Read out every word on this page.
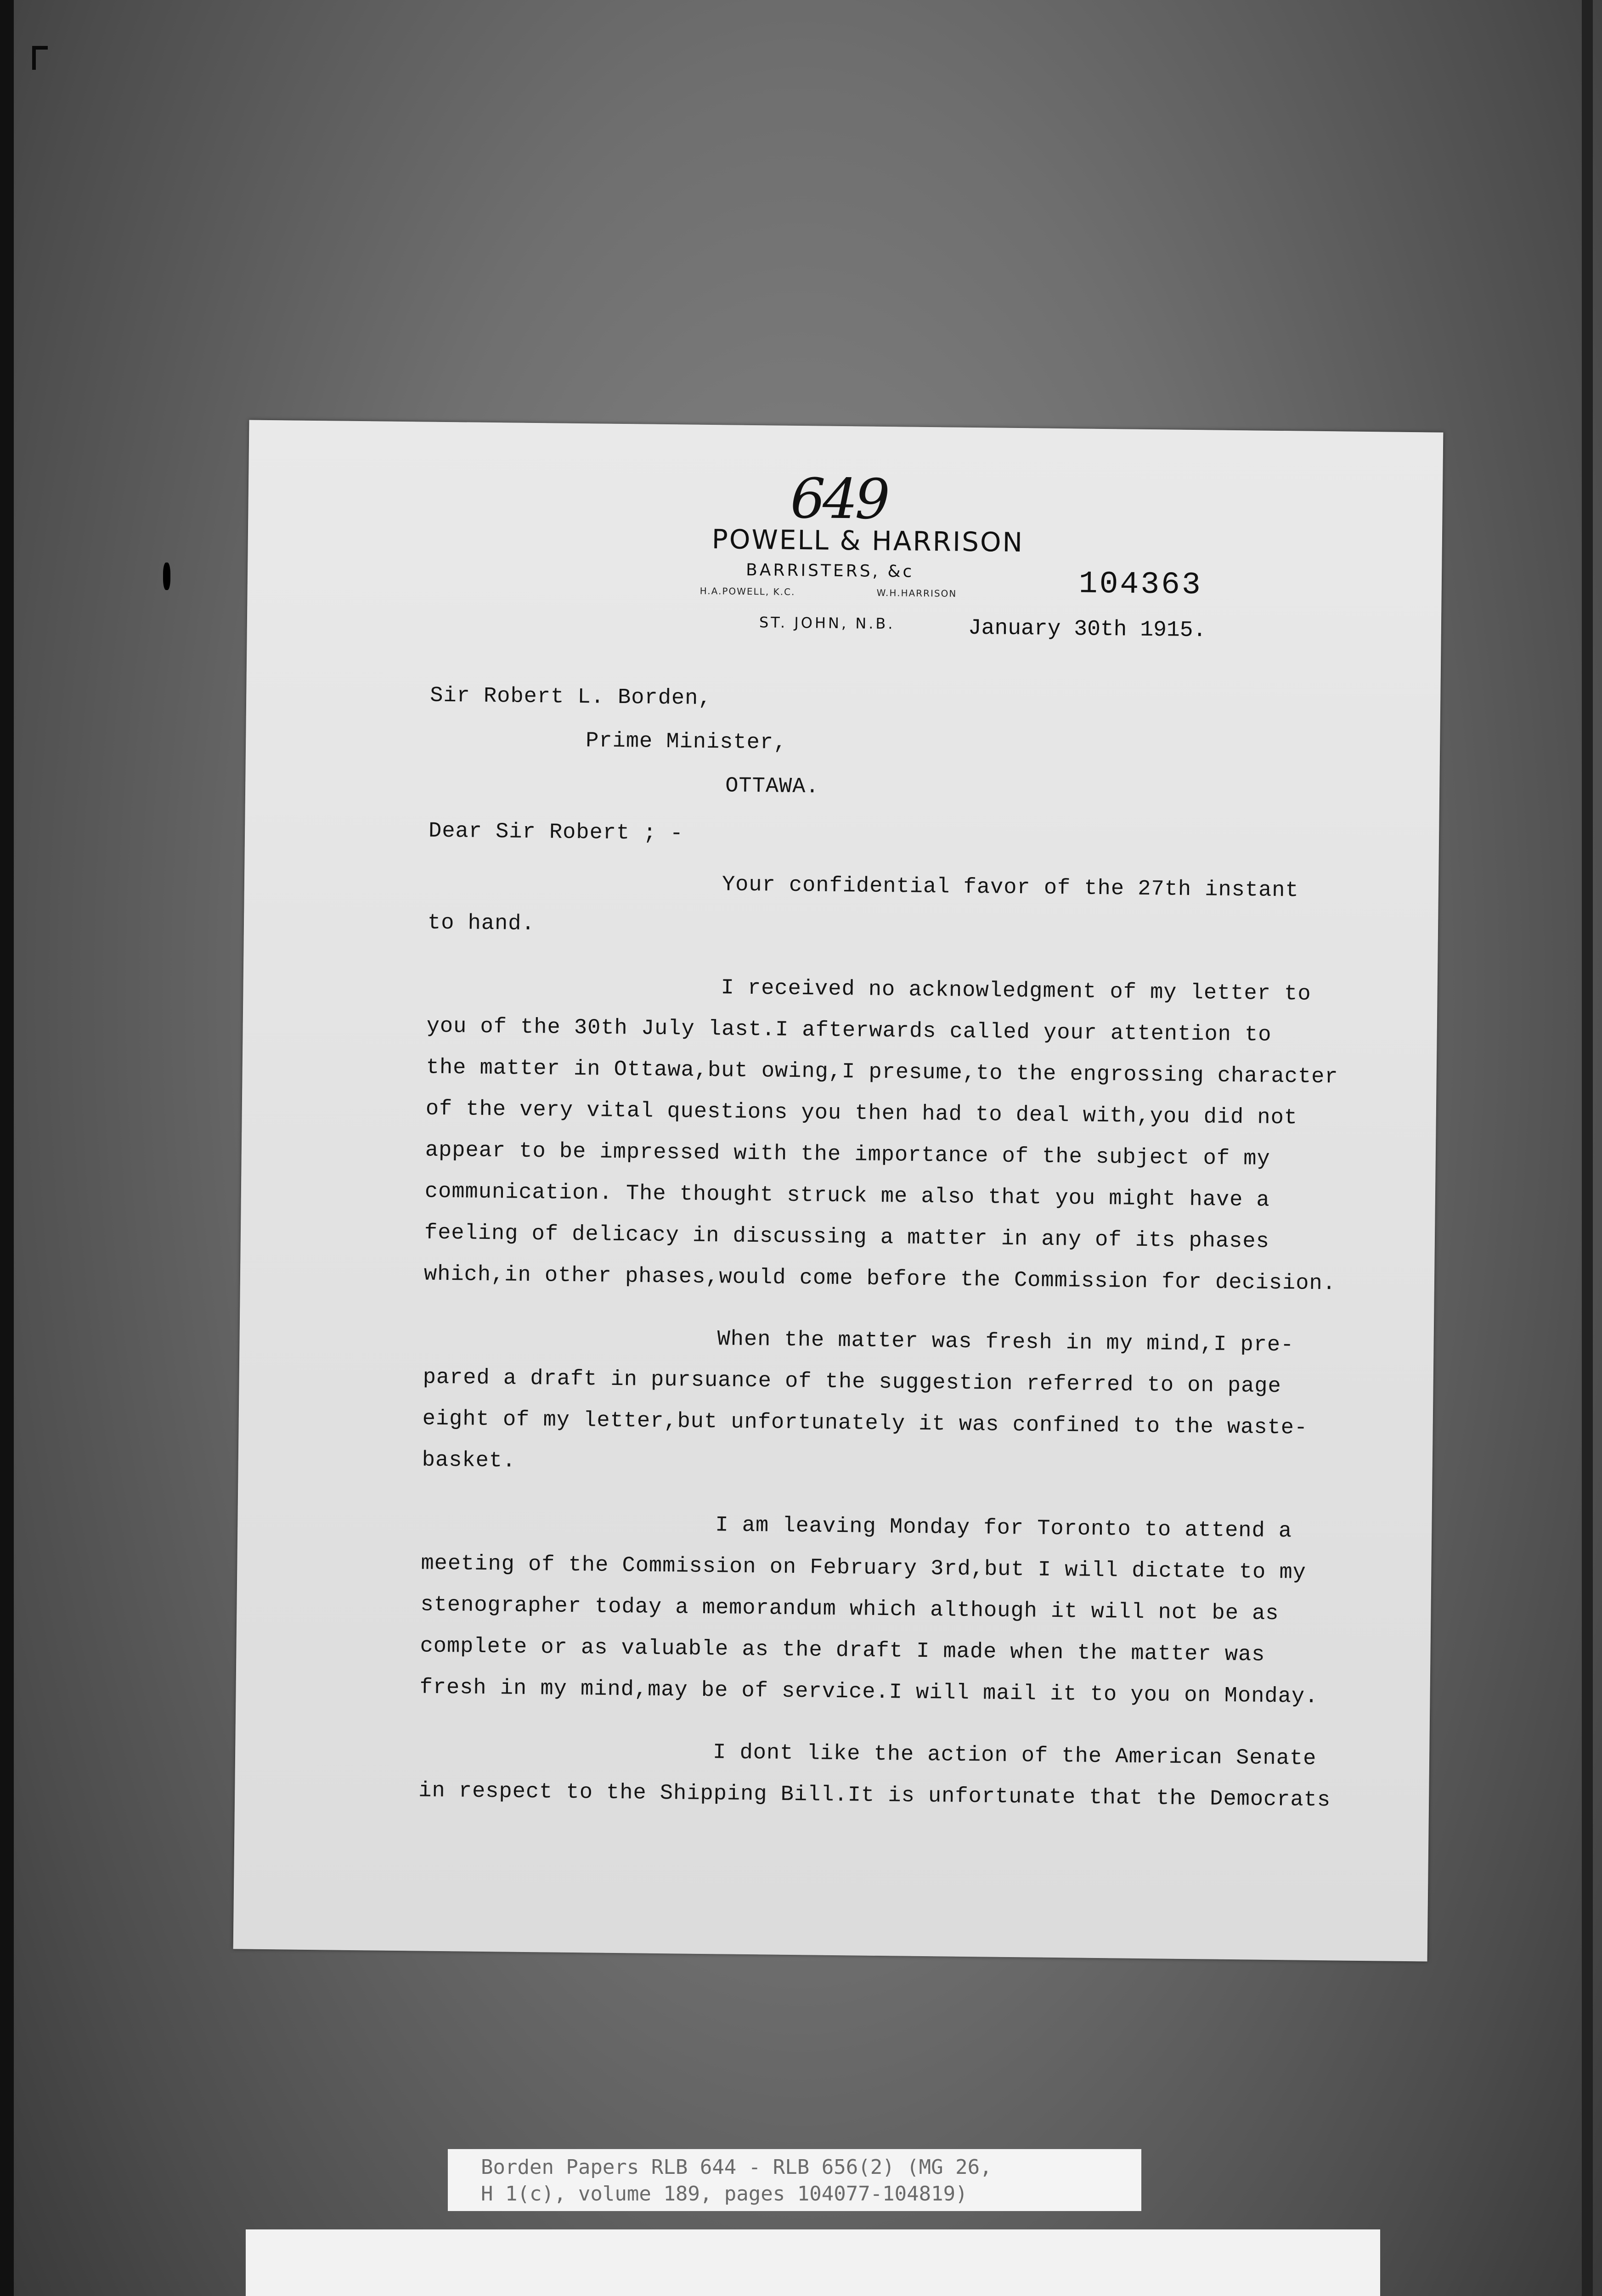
649
POWELL & HARRISON
BARRISTERS, &c
H.A.POWELL, K.C.	W.H.HARRISON
ST. JOHN, N.B.
104363
January 30th 1915.
Sir Robert L. Borden,
Prime Minister,
OTTAWA.
Dear Sir Robert ; -
Your confidential favor of the 27th instant
to hand.
I received no acknowledgment of my letter to
you of the 30th July last.I afterwards called your attention to
the matter in Ottawa,but owing,I presume,to the engrossing character
of the very vital questions you then had to deal with,you did not
appear to be impressed with the importance of the subject of my
communication. The thought struck me also that you might have a
feeling of delicacy in discussing a matter in any of its phases
which,in other phases,would come before the Commission for decision.
When the matter was fresh in my mind,I pre-
pared a draft in pursuance of the suggestion referred to on page
eight of my letter,but unfortunately it was confined to the waste-
basket.
I am leaving Monday for Toronto to attend a
meeting of the Commission on February 3rd,but I will dictate to my
stenographer today a memorandum which although it will not be as
complete or as valuable as the draft I made when the matter was
fresh in my mind,may be of service.I will mail it to you on Monday.
I dont like the action of the American Senate
in respect to the Shipping Bill.It is unfortunate that the Democrats
Borden Papers RLB 644 - RLB 656(2) (MG 26,
H 1(c), volume 189, pages 104077-104819)
